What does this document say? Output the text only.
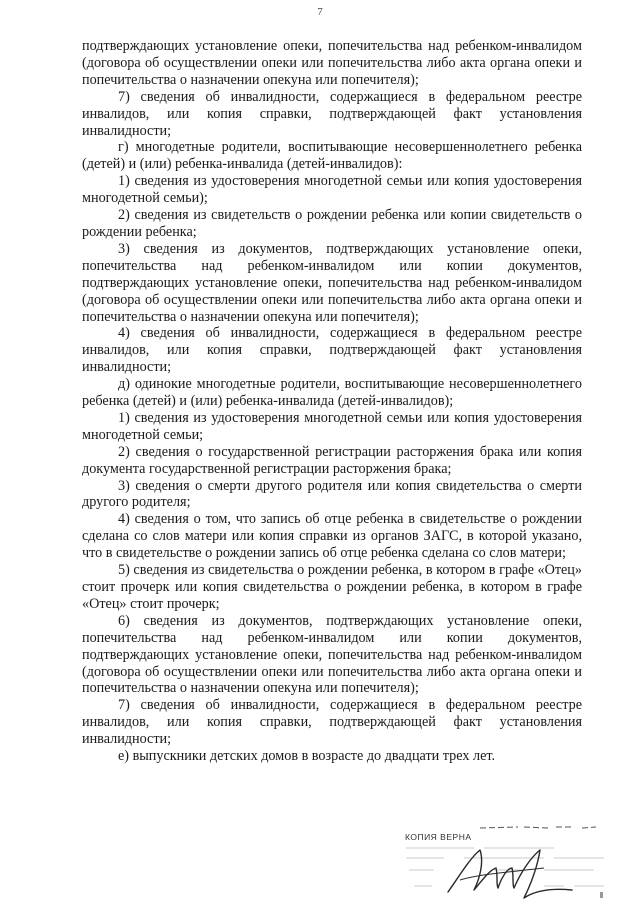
7

подтверждающих установление опеки, попечительства над ребенком-инвалидом (договора об осуществлении опеки или попечительства либо акта органа опеки и попечительства о назначении опекуна или попечителя);

7) сведения об инвалидности, содержащиеся в федеральном реестре инвалидов, или копия справки, подтверждающей факт установления инвалидности;

г) многодетные родители, воспитывающие несовершеннолетнего ребенка (детей) и (или) ребенка-инвалида (детей-инвалидов):

1) сведения из удостоверения многодетной семьи или копия удостоверения многодетной семьи);

2) сведения из свидетельств о рождении ребенка или копии свидетельств о рождении ребенка;

3) сведения из документов, подтверждающих установление опеки, попечительства над ребенком-инвалидом или копии документов, подтверждающих установление опеки, попечительства над ребенком-инвалидом (договора об осуществлении опеки или попечительства либо акта органа опеки и попечительства о назначении опекуна или попечителя);

4) сведения об инвалидности, содержащиеся в федеральном реестре инвалидов, или копия справки, подтверждающей факт установления инвалидности;

д) одинокие многодетные родители, воспитывающие несовершеннолетнего ребенка (детей) и (или) ребенка-инвалида (детей-инвалидов);

1) сведения из удостоверения многодетной семьи или копия удостоверения многодетной семьи;

2) сведения о государственной регистрации расторжения брака или копия документа государственной регистрации расторжения брака;

3) сведения о смерти другого родителя или копия свидетельства о смерти другого родителя;

4) сведения о том, что запись об отце ребенка в свидетельстве о рождении сделана со слов матери или копия справки из органов ЗАГС, в которой указано, что в свидетельстве о рождении запись об отце ребенка сделана со слов матери;

5) сведения из свидетельства о рождении ребенка, в котором в графе «Отец» стоит прочерк или копия свидетельства о рождении ребенка, в котором в графе «Отец» стоит прочерк;

6) сведения из документов, подтверждающих установление опеки, попечительства над ребенком-инвалидом или копии документов, подтверждающих установление опеки, попечительства над ребенком-инвалидом (договора об осуществлении опеки или попечительства либо акта органа опеки и попечительства о назначении опекуна или попечителя);

7) сведения об инвалидности, содержащиеся в федеральном реестре инвалидов, или копия справки, подтверждающей факт установления инвалидности;

е) выпускники детских домов в возрасте до двадцати трех лет.

КОПИЯ ВЕРНА
